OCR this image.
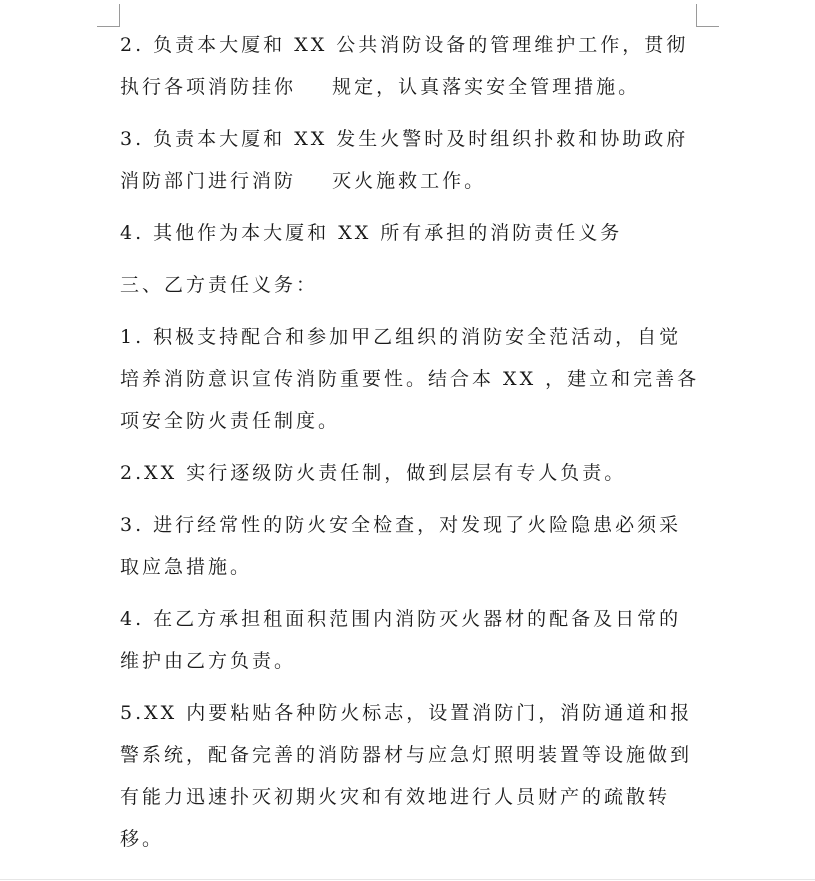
2. 负责本大厦和 XX 公共消防设备的管理维护工作，贯彻执行各项消防挂你    规定，认真落实安全管理措施。

3. 负责本大厦和 XX 发生火警时及时组织扑救和协助政府消防部门进行消防    灭火施救工作。

4. 其他作为本大厦和 XX 所有承担的消防责任义务

三、乙方责任义务：

1. 积极支持配合和参加甲乙组织的消防安全范活动，自觉培养消防意识宣传消防重要性。结合本 XX ，建立和完善各项安全防火责任制度。

2.XX 实行逐级防火责任制，做到层层有专人负责。

3. 进行经常性的防火安全检查，对发现了火险隐患必须采取应急措施。

4. 在乙方承担租面积范围内消防灭火器材的配备及日常的维护由乙方负责。

5.XX 内要粘贴各种防火标志，设置消防门，消防通道和报警系统，配备完善的消防器材与应急灯照明装置等设施做到有能力迅速扑灭初期火灾和有效地进行人员财产的疏散转移。
